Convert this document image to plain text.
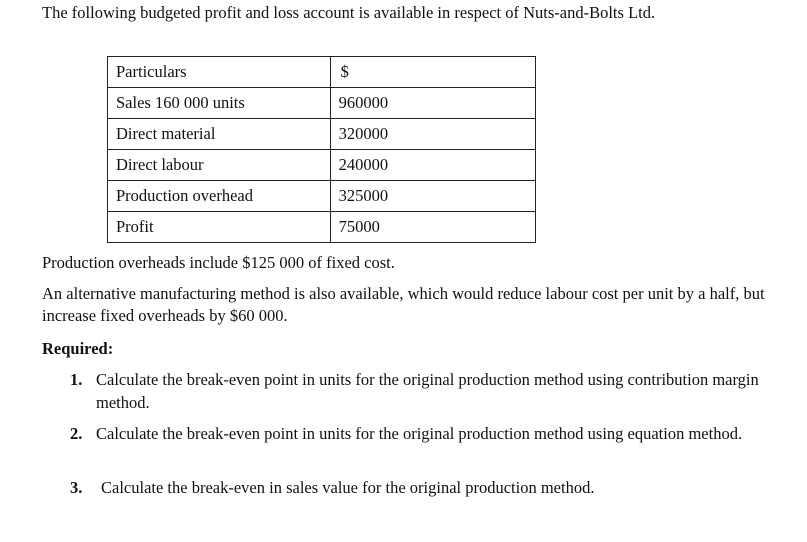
The following budgeted profit and loss account is available in respect of Nuts-and-Bolts Ltd.

Particulars	$
Sales 160 000 units	960000
Direct material	320000
Direct labour	240000
Production overhead	325000
Profit	75000

Production overheads include $125 000 of fixed cost.

An alternative manufacturing method is also available, which would reduce labour cost per unit by a half, but increase fixed overheads by $60 000.

Required:

1. Calculate the break-even point in units for the original production method using contribution margin method.
2. Calculate the break-even point in units for the original production method using equation method.
3. Calculate the break-even in sales value for the original production method.
